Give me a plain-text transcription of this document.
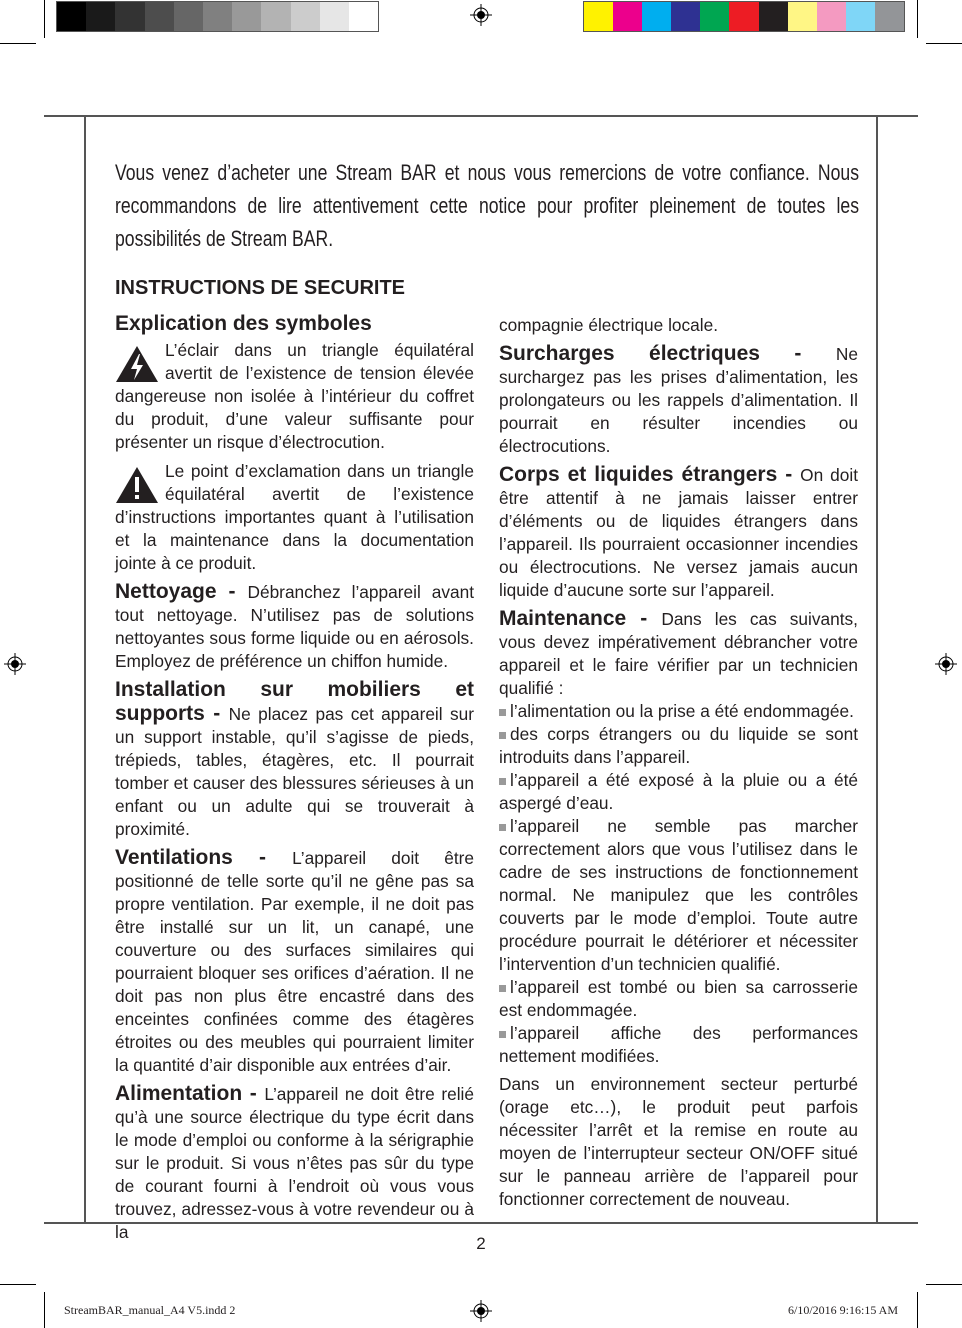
Vous venez d’acheter une Stream BAR et nous vous remercions de votre confiance. Nous recommandons de lire attentivement cette notice pour profiter pleinement de toutes les possibilités de Stream BAR.
INSTRUCTIONS DE SECURITE
Explication des symboles

L’éclair dans un triangle équilatéral avertit de l’existence de tension élevée dangereuse non isolée à l’intérieur du coffret du produit, d’une valeur suffisante pour présenter un risque d’électrocution.

Le point d’exclamation dans un triangle équilatéral avertit de l’existence d’instructions importantes quant à l’utilisation et la maintenance dans la documentation jointe à ce produit.

Nettoyage - Débranchez l’appareil avant tout nettoyage. N’utilisez pas de solutions nettoyantes sous forme liquide ou en aérosols. Employez de préférence un chiffon humide.

Installation sur mobiliers et supports - Ne placez pas cet appareil sur un support instable, qu’il s’agisse de pieds, trépieds, tables, étagères, etc. Il pourrait tomber et causer des blessures sérieuses à un enfant ou un adulte qui se trouverait à proximité.

Ventilations - L’appareil doit être positionné de telle sorte qu’il ne gêne pas sa propre ventilation. Par exemple, il ne doit pas être installé sur un lit, un canapé, une couverture ou des surfaces similaires qui pourraient bloquer ses orifices d’aération. Il ne doit pas non plus être encastré dans des enceintes confinées comme des étagères étroites ou des meubles qui pourraient limiter la quantité d’air disponible aux entrées d’air.

Alimentation - L’appareil ne doit être relié qu’à une source électrique du type écrit dans le mode d’emploi ou conforme à la sérigraphie sur le produit. Si vous n’êtes pas sûr du type de courant fourni à l’endroit où vous vous trouvez, adressez-vous à votre revendeur ou à la

compagnie électrique locale.

Surcharges électriques - Ne surchargez pas les prises d’alimentation, les prolongateurs ou les rappels d’alimentation. Il pourrait en résulter incendies ou électrocutions.

Corps et liquides étrangers - On doit être attentif à ne jamais laisser entrer d’éléments ou de liquides étrangers dans l’appareil. Ils pourraient occasionner incendies ou électrocutions. Ne versez jamais aucun liquide d’aucune sorte sur l’appareil.

Maintenance - Dans les cas suivants, vous devez impérativement débrancher votre appareil et le faire vérifier par un technicien qualifié :

l’alimentation ou la prise a été endommagée.

des corps étrangers ou du liquide se sont introduits dans l’appareil.

l’appareil a été exposé à la pluie ou a été aspergé d’eau.

l’appareil ne semble pas marcher correctement alors que vous l’utilisez dans le cadre de ses instructions de fonctionnement normal. Ne manipulez que les contrôles couverts par le mode d’emploi. Toute autre procédure pourrait le détériorer et nécessiter l’intervention d’un technicien qualifié.

l’appareil est tombé ou bien sa carrosserie est endommagée.

l’appareil affiche des performances nettement modifiées.

Dans un environnement secteur perturbé (orage etc…), le produit peut parfois nécessiter l’arrêt et la remise en route au moyen de l’interrupteur secteur ON/OFF situé sur le panneau arrière de l’appareil pour fonctionner correctement de nouveau.

2
StreamBAR_manual_A4 V5.indd 2	6/10/2016 9:16:15 AM
